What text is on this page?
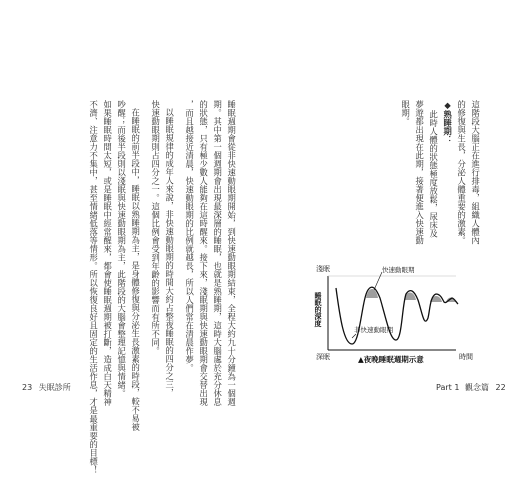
睡眠週期會從非快速動眼期開始，到快速動眼期結束，全程大約九十分鐘為一個週
期。其中第一個週期會出現最深層的睡眠，也就是熟睡期，這時大腦處於充分休息
的狀態，只有極少數人能夠在這時醒來。接下來，淺眠期與快速動眼期會交替出現
，而且越接近清晨，快速動眼期的比例就越長，所以人們常在清晨作夢。
以睡眠規律的成年人來說，非快速動眼期的時間大約占整夜睡眠的四分之三，
快速動眼期則占四分之一。這個比例會受到年齡的影響而有所不同。
在睡眠的前半段中，睡眠以熟睡期為主，是身體修復與分泌生長激素的時段，較不易被
吵醒；而後半段則以淺眠與快速動眼期為主，此階段的大腦會整理記憶與情緒。
如果睡眠時間太短，或是睡眠中經常醒來，都會使睡眠週期被打斷，造成白天精神
不濟、注意力不集中，甚至情緒低落等情形。所以恢復良好且固定的生活作息，才是最重要的目標！
23 失眠診所
這階段大腦正在進行排毒，組織人體內
的修復與生長，分泌人體重要的激素。
◆熟睡期：
此時人體的狀態極度放鬆，尿床及
夢遊都出現在此期，接著便進入快速動
眼期。
淺眠
深眠	時間
睡眠的深度
快速動眼期
非快速動眼期
▲夜晚睡眠週期示意
Part 1 觀念篇 22
